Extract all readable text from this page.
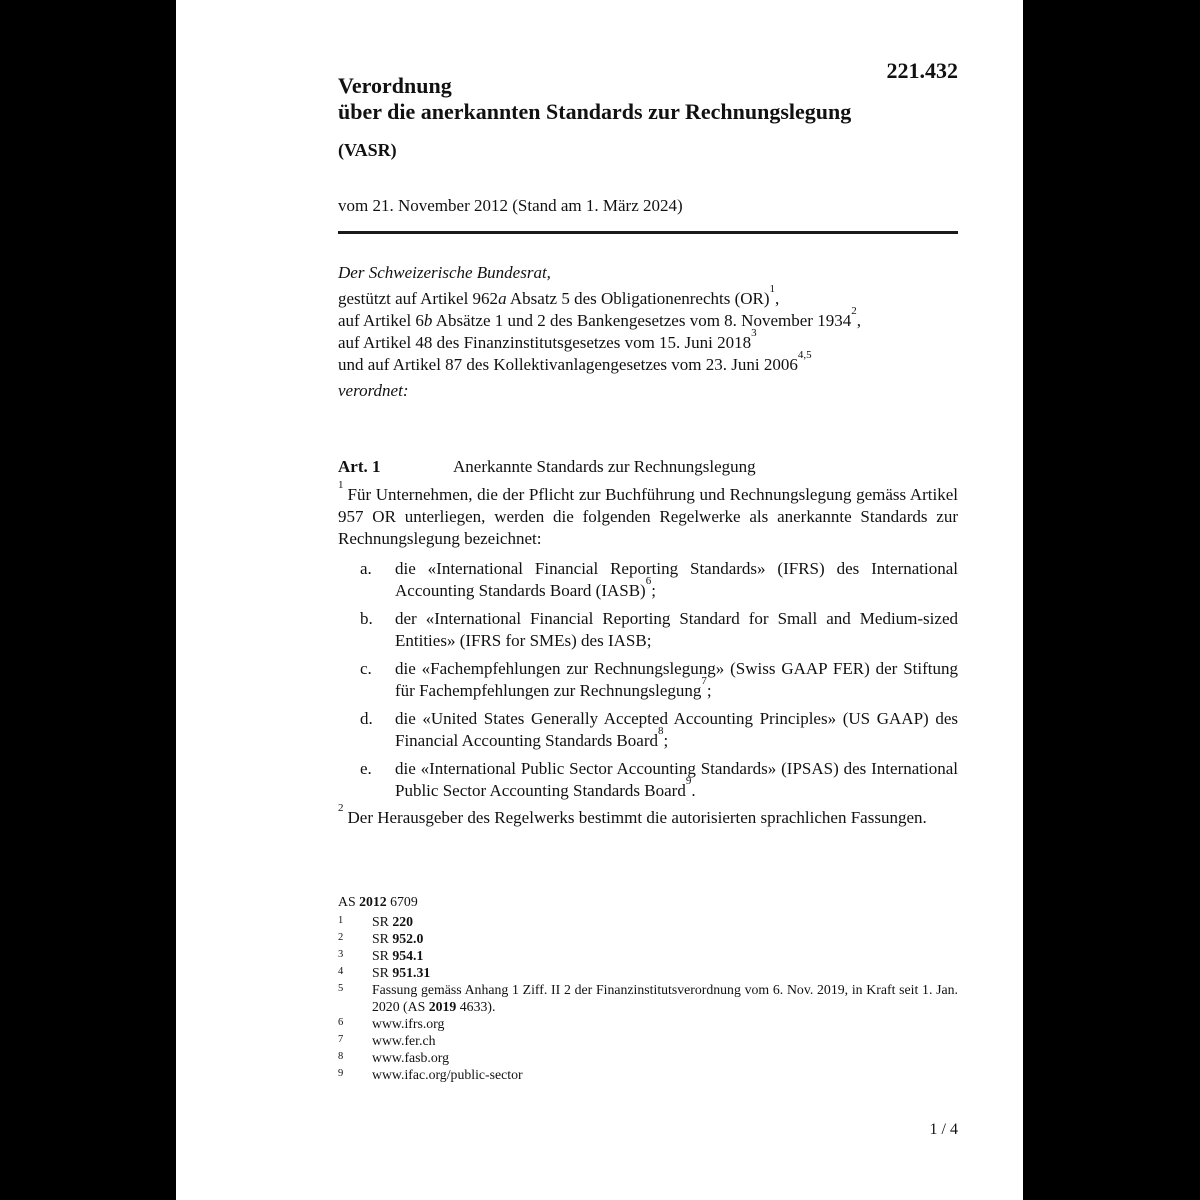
221.432
Verordnung
über die anerkannten Standards zur Rechnungslegung
(VASR)
vom 21. November 2012 (Stand am 1. März 2024)
Der Schweizerische Bundesrat,
gestützt auf Artikel 962a Absatz 5 des Obligationenrechts (OR)$^1$,
auf Artikel 6b Absätze 1 und 2 des Bankengesetzes vom 8. November 1934$^2$,
auf Artikel 48 des Finanzinstitutsgesetzes vom 15. Juni 2018$^3$
und auf Artikel 87 des Kollektivanlagengesetzes vom 23. Juni 2006$^{4,5}$
verordnet:
Art. 1	Anerkannte Standards zur Rechnungslegung

$^1$ Für Unternehmen, die der Pflicht zur Buchführung und Rechnungslegung gemäss Artikel 957 OR unterliegen, werden die folgenden Regelwerke als anerkannte Standards zur Rechnungslegung bezeichnet:

a. die «International Financial Reporting Standards» (IFRS) des International Accounting Standards Board (IASB)$^6$;
b. der «International Financial Reporting Standard for Small and Medium-sized Entities» (IFRS for SMEs) des IASB;
c. die «Fachempfehlungen zur Rechnungslegung» (Swiss GAAP FER) der Stiftung für Fachempfehlungen zur Rechnungslegung$^7$;
d. die «United States Generally Accepted Accounting Principles» (US GAAP) des Financial Accounting Standards Board$^8$;
e. die «International Public Sector Accounting Standards» (IPSAS) des International Public Sector Accounting Standards Board$^9$.

$^2$ Der Herausgeber des Regelwerks bestimmt die autorisierten sprachlichen Fassungen.

AS 2012 6709
1 SR 220
2 SR 952.0
3 SR 954.1
4 SR 951.31
5 Fassung gemäss Anhang 1 Ziff. II 2 der Finanzinstitutsverordnung vom 6. Nov. 2019, in Kraft seit 1. Jan. 2020 (AS 2019 4633).
6 www.ifrs.org
7 www.fer.ch
8 www.fasb.org
9 www.ifac.org/public-sector
1 / 4
